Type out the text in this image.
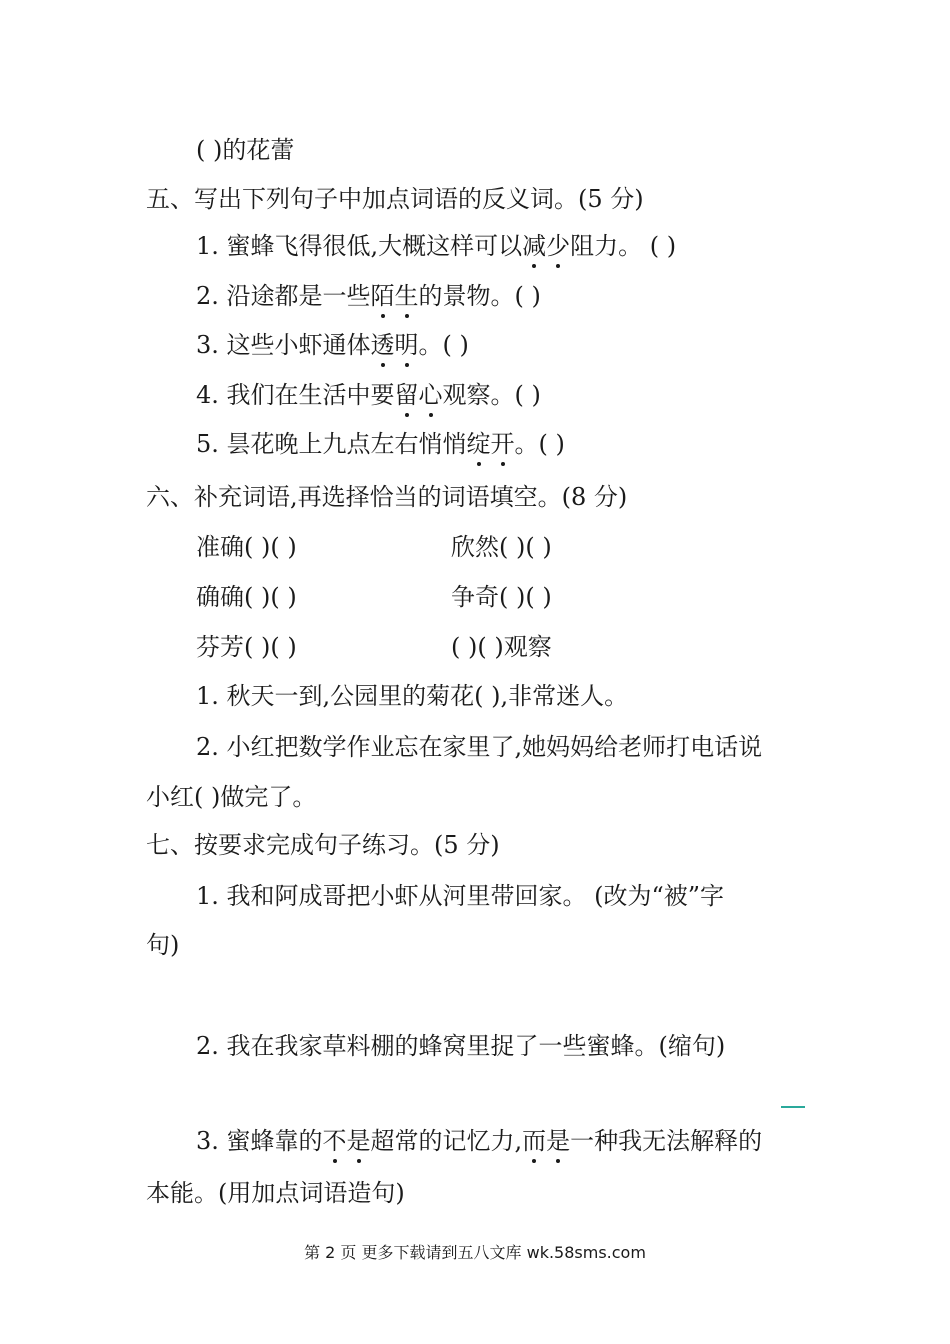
( )的花蕾
五、写出下列句子中加点词语的反义词。(5 分)
1. 蜜蜂飞得很低,大概这样可以减少阻力。 ( )
2. 沿途都是一些陌生的景物。( )
3. 这些小虾通体透明。( )
4. 我们在生活中要留心观察。( )
5. 昙花晚上九点左右悄悄绽开。( )
六、补充词语,再选择恰当的词语填空。(8 分)
准确( )( )	欣然( )( )
确确( )( )	争奇( )( )
芬芳( )( )	( )( )观察
1. 秋天一到,公园里的菊花( ),非常迷人。
2. 小红把数学作业忘在家里了,她妈妈给老师打电话说
小红( )做完了。
七、按要求完成句子练习。(5 分)
1. 我和阿成哥把小虾从河里带回家。 (改为“被”字
句)
2. 我在我家草料棚的蜂窝里捉了一些蜜蜂。(缩句)
3. 蜜蜂靠的不是超常的记忆力,而是一种我无法解释的
本能。(用加点词语造句)
第 2 页 更多下载请到五八文库 wk.58sms.com
